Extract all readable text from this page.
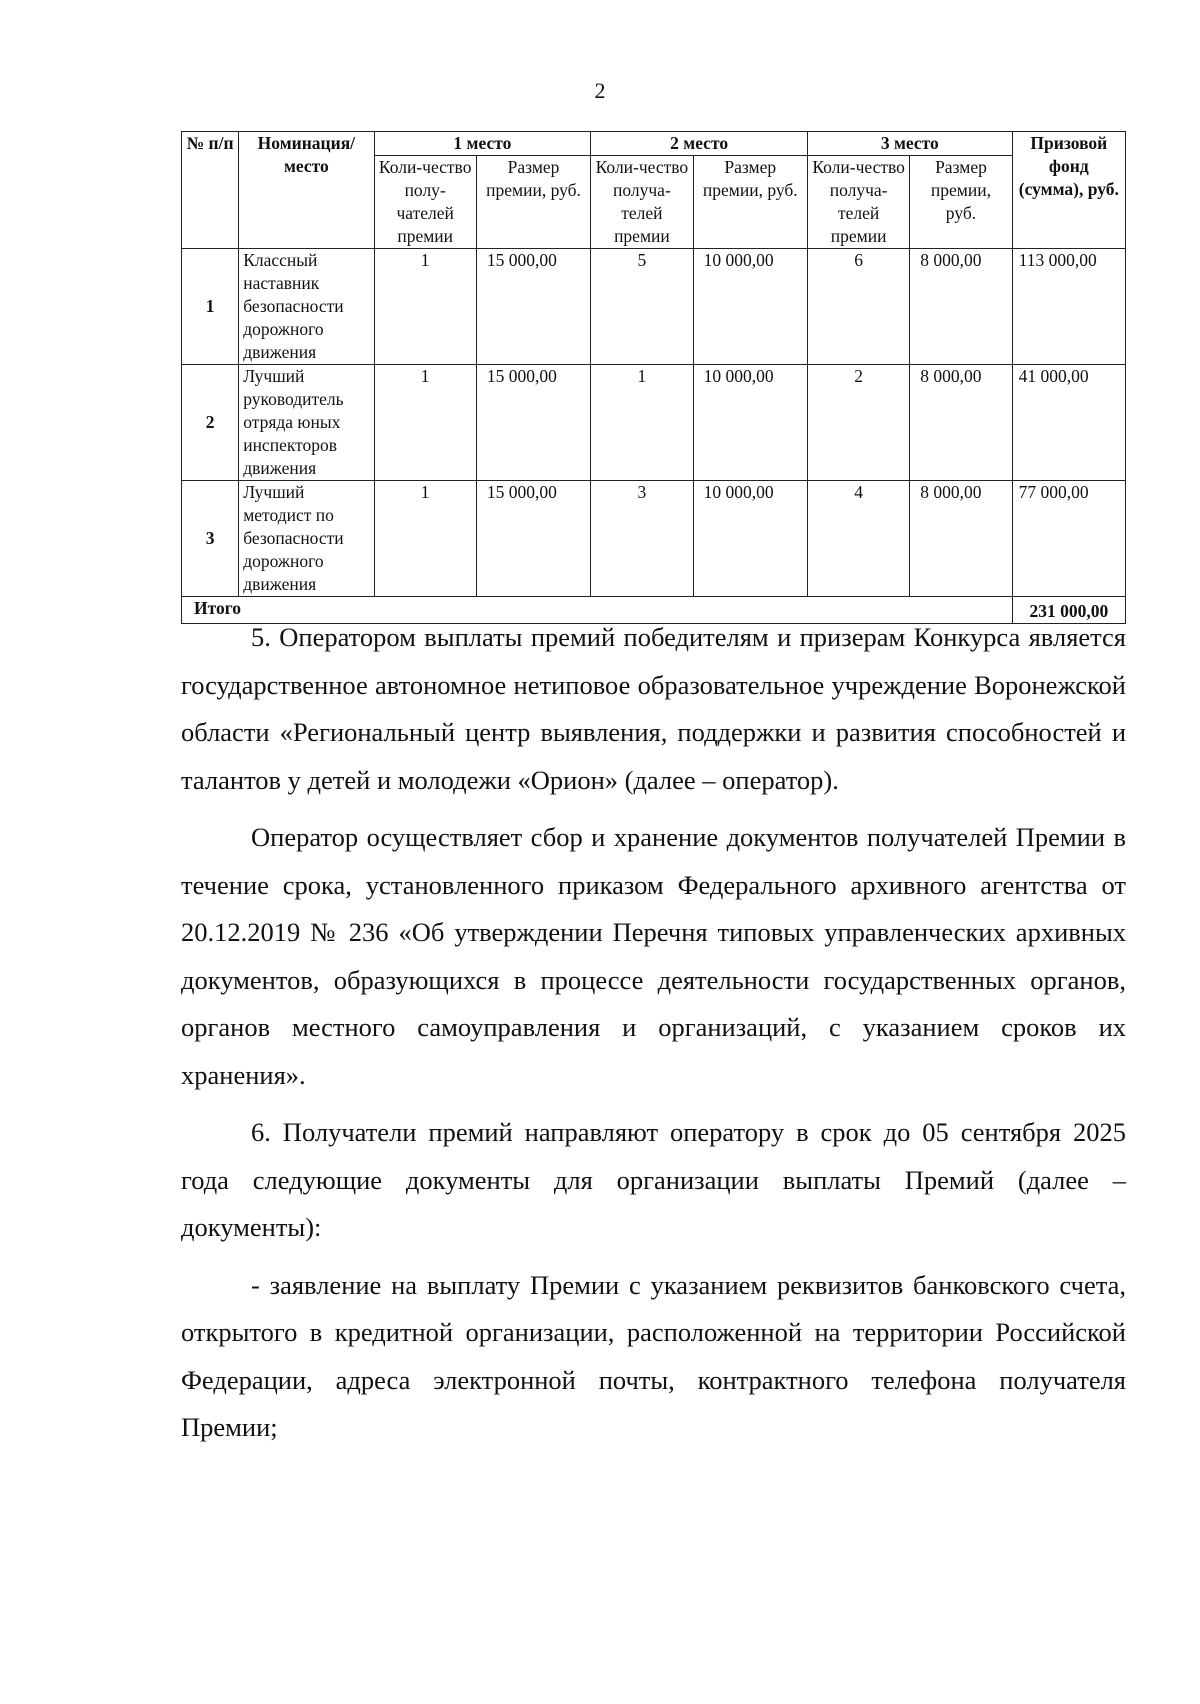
2
№ п/п	Номинация/ место	1 место		2 место		3 место		Призовой фонд (сумма), руб.
		Коли-чество полу-чателей премии	Размер премии, руб.	Коли-чество получа-телей премии	Размер премии, руб.	Коли-чество получа-телей премии	Размер премии, руб.	
1	Классный наставник безопасности дорожного движения	1	15 000,00	5	10 000,00	6	8 000,00	113 000,00
2	Лучший руководитель отряда юных инспекторов движения	1	15 000,00	1	10 000,00	2	8 000,00	41 000,00
3	Лучший методист по безопасности дорожного движения	1	15 000,00	3	10 000,00	4	8 000,00	77 000,00
Итого								231 000,00

5. Оператором выплаты премий победителям и призерам Конкурса является государственное автономное нетиповое образовательное учреждение Воронежской области «Региональный центр выявления, поддержки и развития способностей и талантов у детей и молодежи «Орион» (далее – оператор).

Оператор осуществляет сбор и хранение документов получателей Премии в течение срока, установленного приказом Федерального архивного агентства от 20.12.2019 № 236 «Об утверждении Перечня типовых управленческих архивных документов, образующихся в процессе деятельности государственных органов, органов местного самоуправления и организаций, с указанием сроков их хранения».

6. Получатели премий направляют оператору в срок до 05 сентября 2025 года следующие документы для организации выплаты Премий (далее – документы):

- заявление на выплату Премии с указанием реквизитов банковского счета, открытого в кредитной организации, расположенной на территории Российской Федерации, адреса электронной почты, контрактного телефона получателя Премии;
